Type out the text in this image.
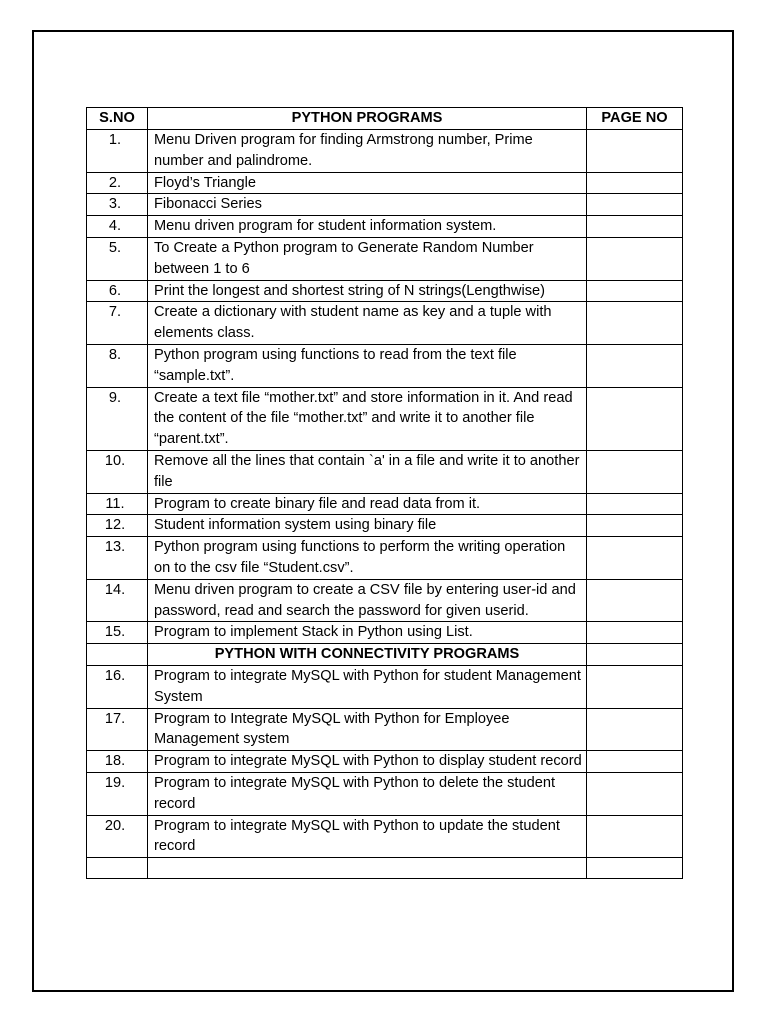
S.NO	PYTHON PROGRAMS	PAGE NO
1.	Menu Driven program for finding Armstrong number, Prime number and palindrome.	
2.	Floyd’s Triangle	
3.	Fibonacci Series	
4.	Menu driven program for student information system.	
5.	To Create a Python program to Generate Random Number between 1 to 6	
6.	Print the longest and shortest string of N strings(Lengthwise)	
7.	Create a dictionary with student name as key and a tuple with elements class.	
8.	Python program using functions to read from the text file “sample.txt”.	
9.	Create a text file “mother.txt” and store information in it. And read the content of the file “mother.txt” and write it to another file “parent.txt”.	
10.	Remove all the lines that contain `a' in a file and write it to another file	
11.	Program to create binary file and read data from it.	
12.	Student information system using binary file	
13.	Python program using functions to perform the writing operation on to the csv file “Student.csv”.	
14.	Menu driven program to create a CSV file by entering user-id and password, read and search the password for given userid.	
15.	Program to implement Stack in Python using List.	
	PYTHON WITH CONNECTIVITY PROGRAMS	
16.	Program to integrate MySQL with Python for student Management System	
17.	Program to Integrate MySQL with Python for Employee Management system	
18.	Program to integrate MySQL with Python to display student record	
19.	Program to integrate MySQL with Python to delete the student record	
20.	Program to integrate MySQL with Python to update the student record	
